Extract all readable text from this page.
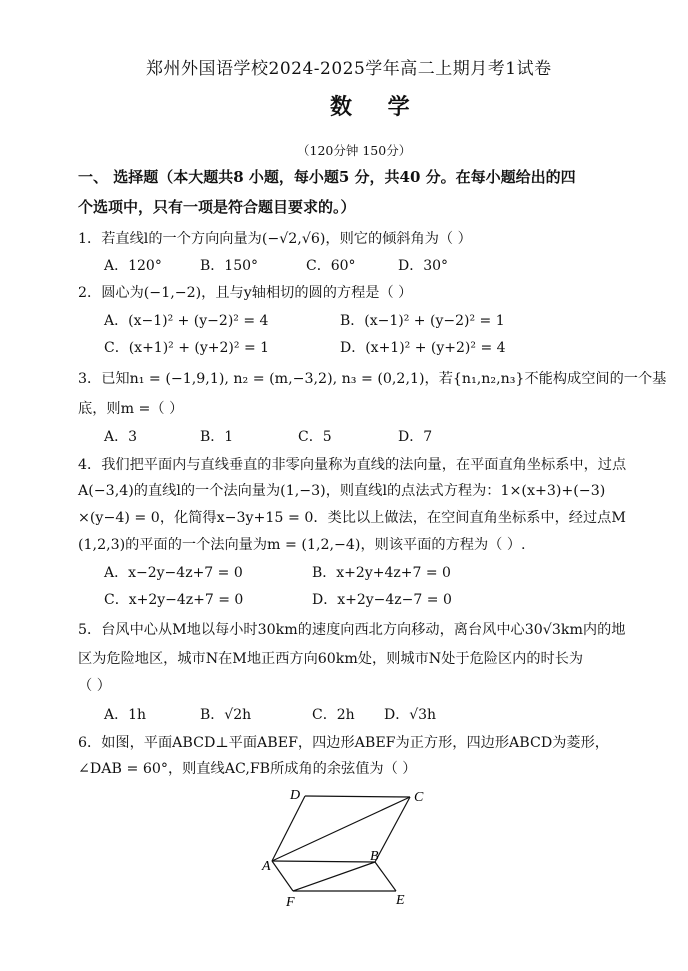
郑州外国语学校2024-2025学年高二上期月考1试卷
数 学
（120分钟 150分）
一、 选择题（本大题共8 小题，每小题5 分，共40 分。在每小题给出的四
个选项中，只有一项是符合题目要求的。）
1．若直线l的一个方向向量为(−√2,√6)，则它的倾斜角为（ ）
A．120°	B．150°	C．60°	D．30°
2．圆心为(−1,−2)，且与y轴相切的圆的方程是（ ）
A．(x−1)² + (y−2)² = 4	B．(x−1)² + (y−2)² = 1
C．(x+1)² + (y+2)² = 1	D．(x+1)² + (y+2)² = 4
3．已知n₁ = (−1,9,1), n₂ = (m,−3,2), n₃ = (0,2,1)，若{n₁,n₂,n₃}不能构成空间的一个基
底，则m =（ ）
A．3	B．1	C．5	D．7
4．我们把平面内与直线垂直的非零向量称为直线的法向量，在平面直角坐标系中，过点
A(−3,4)的直线l的一个法向量为(1,−3)，则直线l的点法式方程为：1×(x+3)+(−3)
×(y−4) = 0，化简得x−3y+15 = 0．类比以上做法，在空间直角坐标系中，经过点M
(1,2,3)的平面的一个法向量为m = (1,2,−4)，则该平面的方程为（ ）.
A．x−2y−4z+7 = 0	B．x+2y+4z+7 = 0
C．x+2y−4z+7 = 0	D．x+2y−4z−7 = 0
5．台风中心从M地以每小时30km的速度向西北方向移动，离台风中心30√3km内的地
区为危险地区，城市N在M地正西方向60km处，则城市N处于危险区内的时长为
（ ）
A．1h	B．√2h	C．2h D．√3h
6．如图，平面ABCD⊥平面ABEF，四边形ABEF为正方形，四边形ABCD为菱形，
∠DAB = 60°，则直线AC,FB所成角的余弦值为（ ）
D	C
A
B
F	E
